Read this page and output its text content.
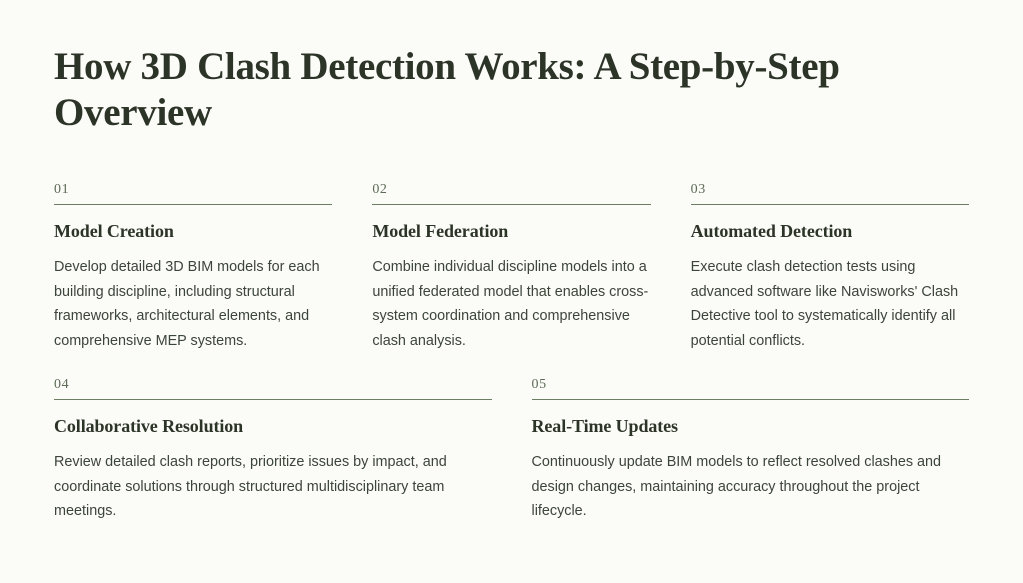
How 3D Clash Detection Works: A Step-by-Step Overview
01
Model Creation
Develop detailed 3D BIM models for each building discipline, including structural frameworks, architectural elements, and comprehensive MEP systems.
02
Model Federation
Combine individual discipline models into a unified federated model that enables cross-system coordination and comprehensive clash analysis.
03
Automated Detection
Execute clash detection tests using advanced software like Navisworks' Clash Detective tool to systematically identify all potential conflicts.
04
Collaborative Resolution
Review detailed clash reports, prioritize issues by impact, and coordinate solutions through structured multidisciplinary team meetings.
05
Real-Time Updates
Continuously update BIM models to reflect resolved clashes and design changes, maintaining accuracy throughout the project lifecycle.
